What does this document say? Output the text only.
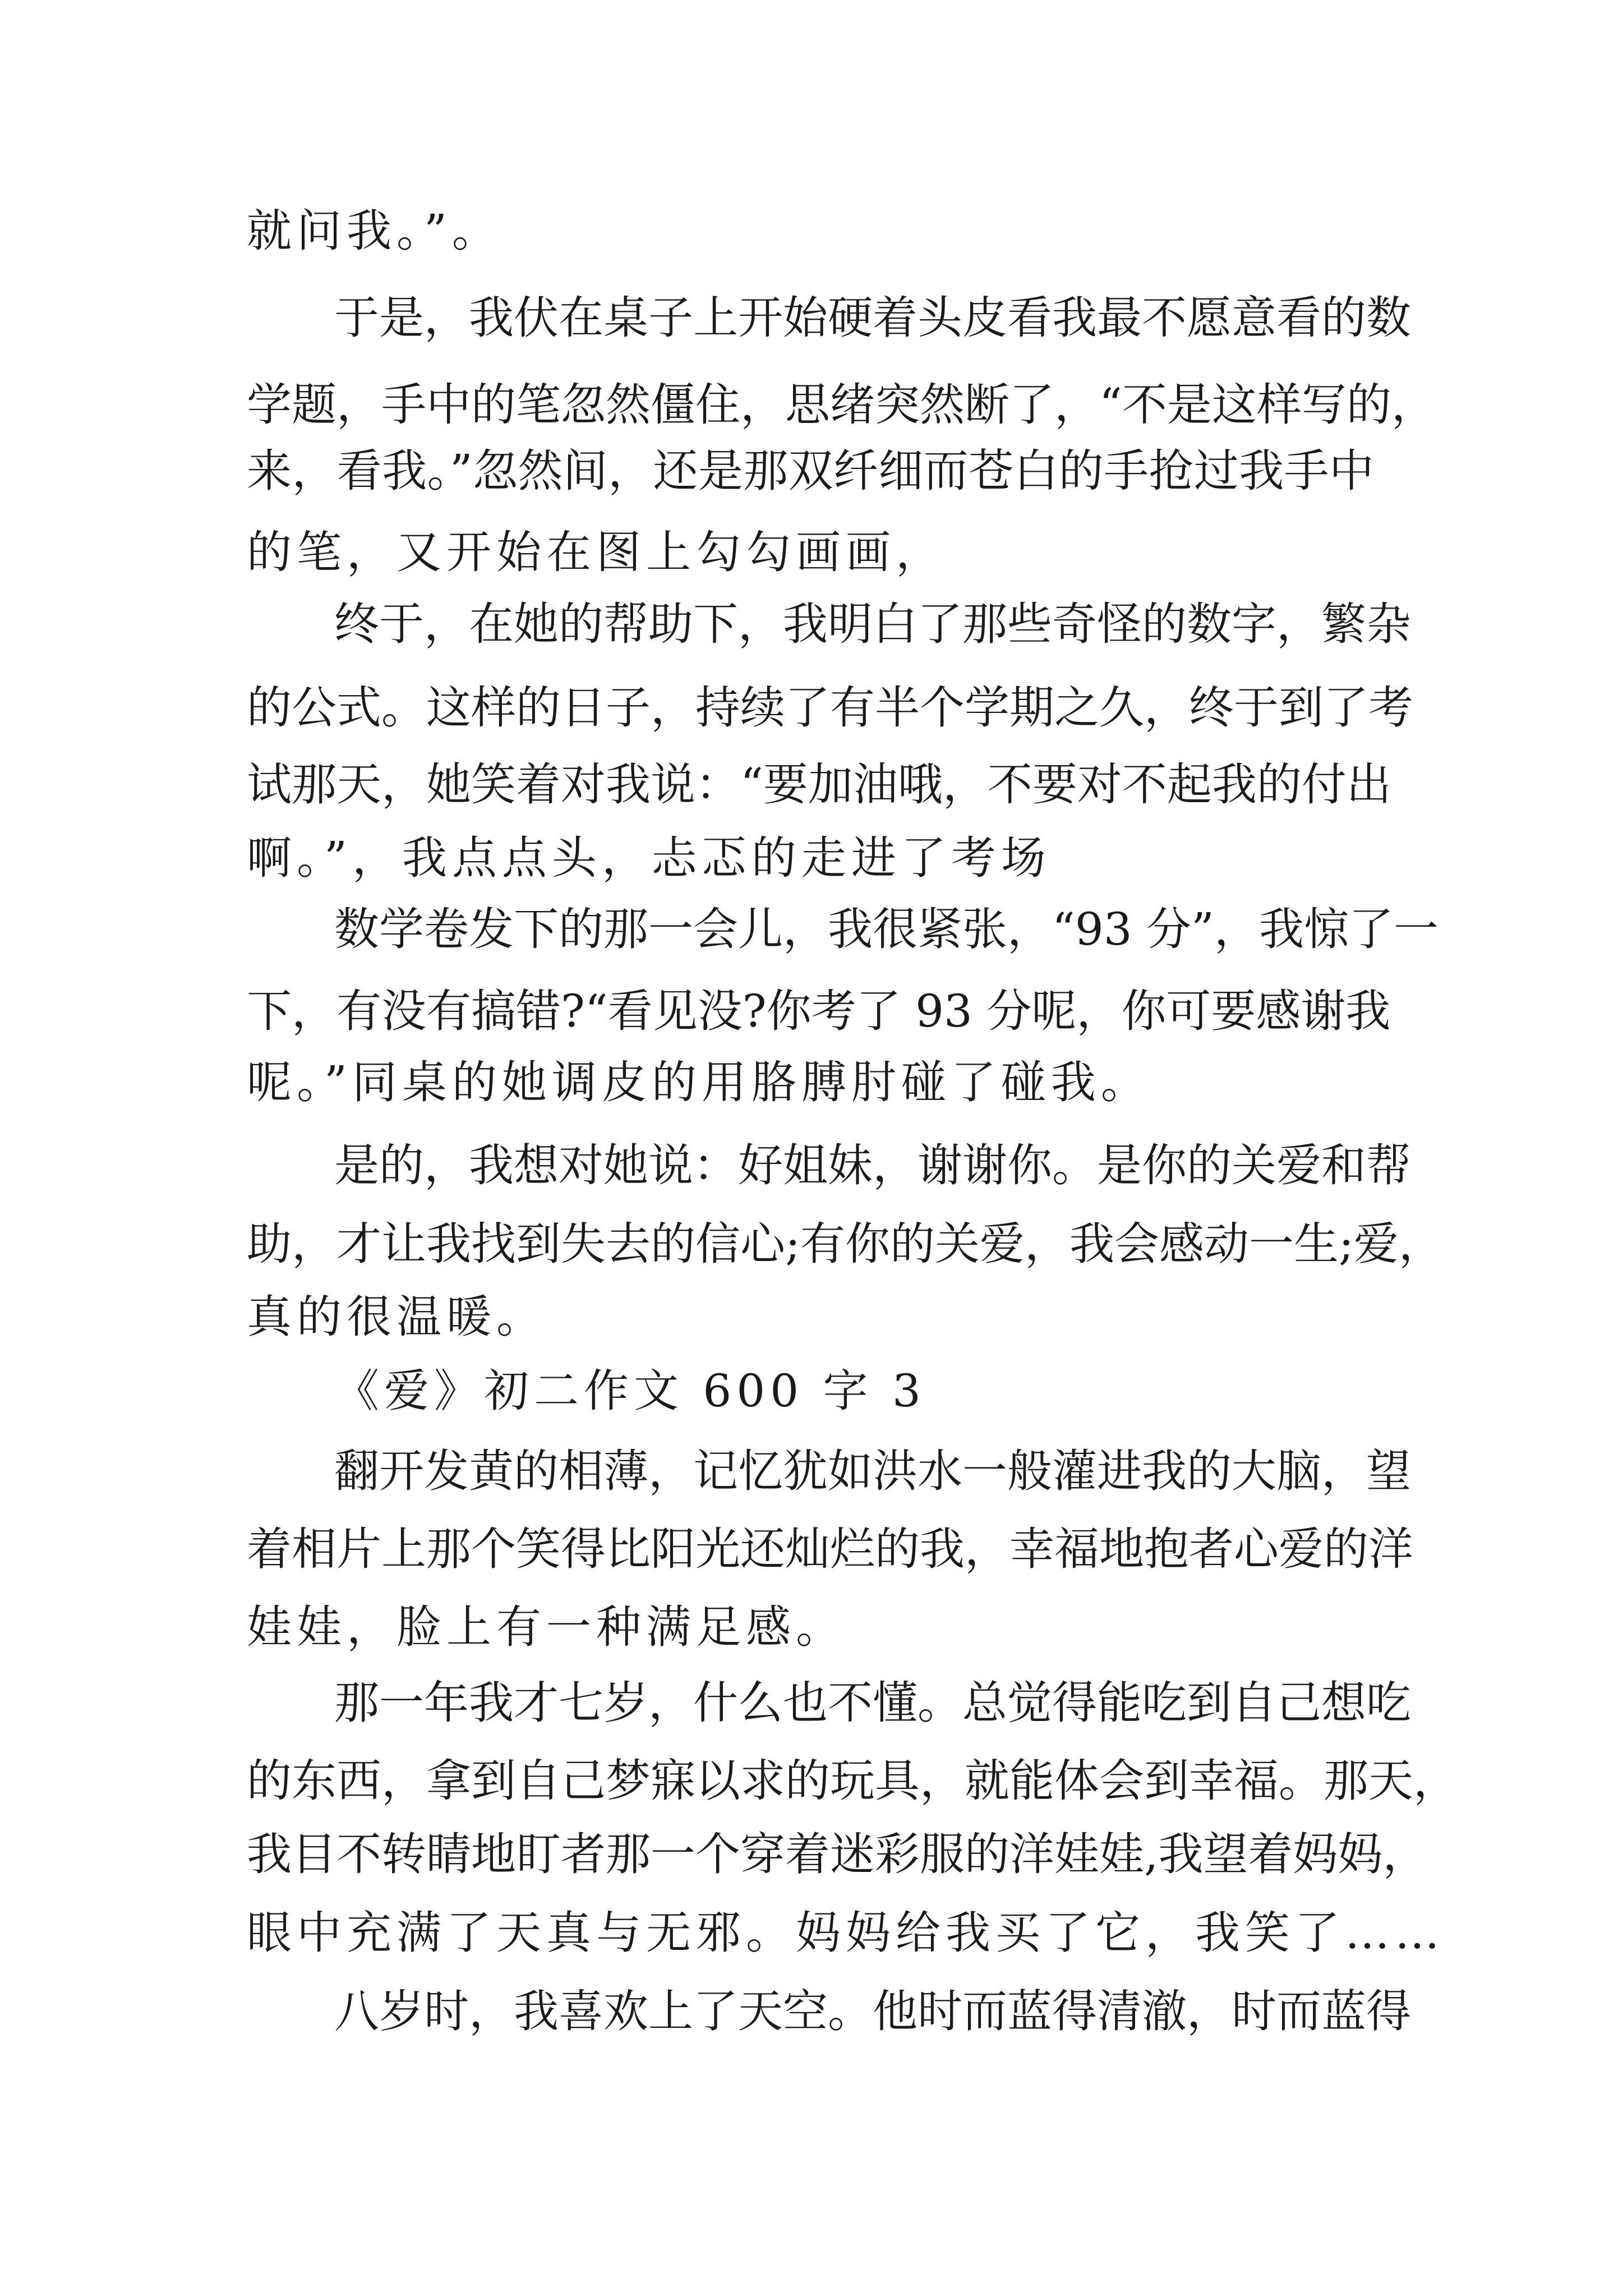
就问我。”。

于是，我伏在桌子上开始硬着头皮看我最不愿意看的数

学题，手中的笔忽然僵住，思绪突然断了，“不是这样写的，

来，看我。”忽然间，还是那双纤细而苍白的手抢过我手中

的笔，又开始在图上勾勾画画，

终于，在她的帮助下，我明白了那些奇怪的数字，繁杂

的公式。这样的日子，持续了有半个学期之久，终于到了考

试那天，她笑着对我说：“要加油哦，不要对不起我的付出

啊。”，我点点头，忐忑的走进了考场

数学卷发下的那一会儿，我很紧张，“93 分”，我惊了一

下，有没有搞错?“看见没?你考了 93 分呢，你可要感谢我

呢。”同桌的她调皮的用胳膊肘碰了碰我。

是的，我想对她说：好姐妹，谢谢你。是你的关爱和帮

助，才让我找到失去的信心;有你的关爱，我会感动一生;爱，

真的很温暖。

《爱》初二作文 600 字 3

翻开发黄的相薄，记忆犹如洪水一般灌进我的大脑，望

着相片上那个笑得比阳光还灿烂的我，幸福地抱者心爱的洋

娃娃，脸上有一种满足感。

那一年我才七岁，什么也不懂。总觉得能吃到自己想吃

的东西，拿到自己梦寐以求的玩具，就能体会到幸福。那天，

我目不转睛地盯者那一个穿着迷彩服的洋娃娃,我望着妈妈，

眼中充满了天真与无邪。妈妈给我买了它，我笑了……

八岁时，我喜欢上了天空。他时而蓝得清澈，时而蓝得
